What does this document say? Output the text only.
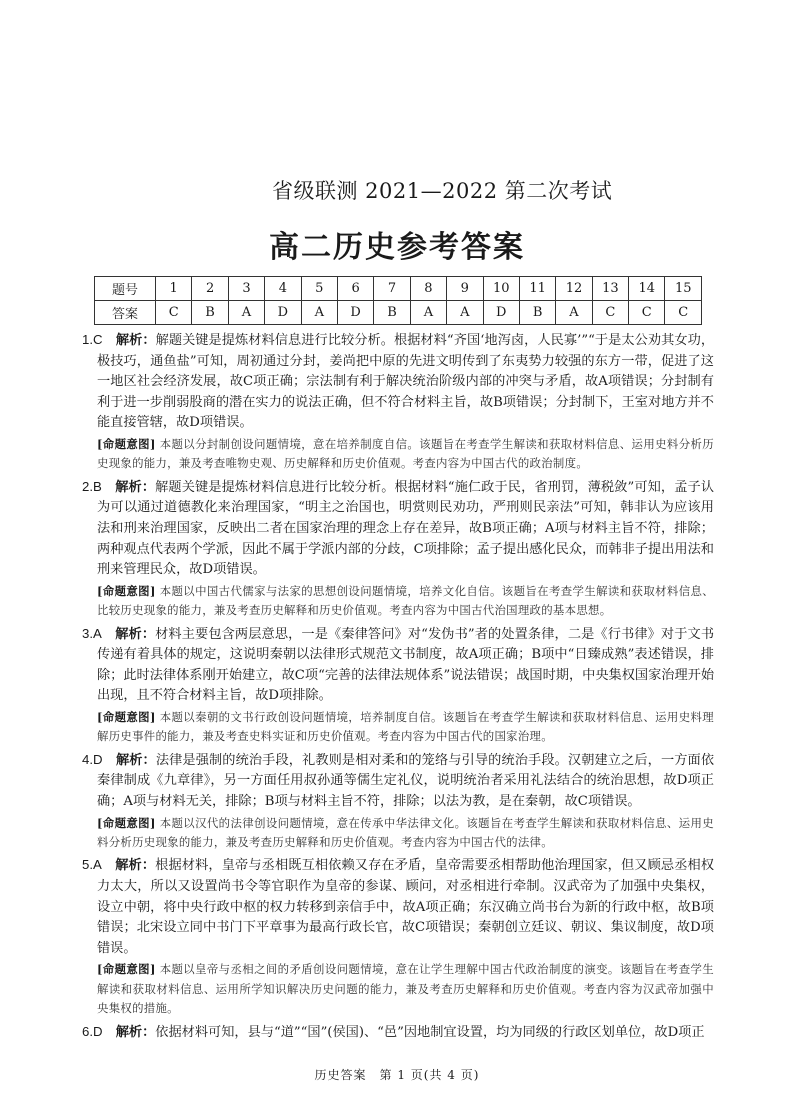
省级联测 2021—2022 第二次考试
高二历史参考答案
题号	1	2	3	4	5	6	7	8	9	10	11	12	13	14	15
答案	C	B	A	D	A	D	B	A	A	D	B	A	C	C	C

1.C　 解析：解题关键是提炼材料信息进行比较分析。根据材料“齐国‘地泻卤，人民寡’”“于是太公劝其女功，极技巧，通鱼盐”可知，周初通过分封，姜尚把中原的先进文明传到了东夷势力较强的东方一带，促进了这一地区社会经济发展，故C项正确；宗法制有利于解决统治阶级内部的冲突与矛盾，故A项错误；分封制有利于进一步削弱股商的潜在实力的说法正确，但不符合材料主旨，故B项错误；分封制下，王室对地方并不能直接管辖，故D项错误。

[命题意图] 本题以分封制创设问题情境，意在培养制度自信。该题旨在考查学生解读和获取材料信息、运用史料分析历史现象的能力，兼及考查唯物史观、历史解释和历史价值观。考查内容为中国古代的政治制度。

2.B　 解析：解题关键是提炼材料信息进行比较分析。根据材料“施仁政于民，省刑罚，薄税敛”可知，孟子认为可以通过道德教化来治理国家，“明主之治国也，明赏则民劝功，严刑则民亲法”可知，韩非认为应该用法和刑来治理国家，反映出二者在国家治理的理念上存在差异，故B项正确；A项与材料主旨不符，排除；两种观点代表两个学派，因此不属于学派内部的分歧，C项排除；孟子提出感化民众，而韩非子提出用法和刑来管理民众，故D项错误。

[命题意图] 本题以中国古代儒家与法家的思想创设问题情境，培养文化自信。该题旨在考查学生解读和获取材料信息、比较历史现象的能力，兼及考查历史解释和历史价值观。考查内容为中国古代治国理政的基本思想。

3.A　 解析：材料主要包含两层意思，一是《秦律答问》对“发伪书”者的处置条律，二是《行书律》对于文书传递有着具体的规定，这说明秦朝以法律形式规范文书制度，故A项正确；B项中“日臻成熟”表述错误，排除；此时法律体系刚开始建立，故C项“完善的法律法规体系”说法错误；战国时期，中央集权国家治理开始出现，且不符合材料主旨，故D项排除。

[命题意图] 本题以秦朝的文书行政创设问题情境，培养制度自信。该题旨在考查学生解读和获取材料信息、运用史料理解历史事件的能力，兼及考查史料实证和历史价值观。考查内容为中国古代的国家治理。

4.D　 解析：法律是强制的统治手段，礼教则是相对柔和的笼络与引导的统治手段。汉朝建立之后，一方面依秦律制成《九章律》，另一方面任用叔孙通等儒生定礼仪，说明统治者采用礼法结合的统治思想，故D项正确；A项与材料无关，排除；B项与材料主旨不符，排除；以法为教，是在秦朝，故C项错误。

[命题意图] 本题以汉代的法律创设问题情境，意在传承中华法律文化。该题旨在考查学生解读和获取材料信息、运用史料分析历史现象的能力，兼及考查历史解释和历史价值观。考查内容为中国古代的法律。

5.A　 解析：根据材料，皇帝与丞相既互相依赖又存在矛盾，皇帝需要丞相帮助他治理国家，但又顾忌丞相权力太大，所以又设置尚书令等官职作为皇帝的参谋、顾问，对丞相进行牵制。汉武帝为了加强中央集权，设立中朝，将中央行政中枢的权力转移到亲信手中，故A项正确；东汉确立尚书台为新的行政中枢，故B项错误；北宋设立同中书门下平章事为最高行政长官，故C项错误；秦朝创立廷议、朝议、集议制度，故D项错误。

[命题意图] 本题以皇帝与丞相之间的矛盾创设问题情境，意在让学生理解中国古代政治制度的演变。该题旨在考查学生解读和获取材料信息、运用所学知识解决历史问题的能力，兼及考查历史解释和历史价值观。考查内容为汉武帝加强中央集权的措施。

6.D　 解析：依据材料可知，县与“道”“国”(侯国)、“邑”因地制宜设置，均为同级的行政区划单位，故D项正

历史答案　第 1 页(共 4 页)
